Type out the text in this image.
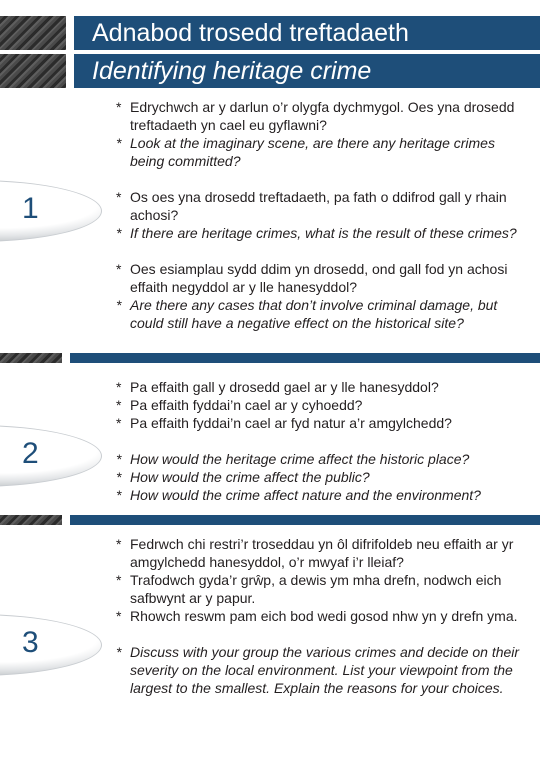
Adnabod trosedd treftadaeth
Identifying heritage crime
1
* Edrychwch ar y darlun o’r olygfa dychmygol. Oes yna drosedd treftadaeth yn cael eu gyflawni?
* Look at the imaginary scene, are there any heritage crimes being committed?
* Os oes yna drosedd treftadaeth, pa fath o ddifrod gall y rhain achosi?
* If there are heritage crimes, what is the result of these crimes?
* Oes esiamplau sydd ddim yn drosedd, ond gall fod yn achosi effaith negyddol ar y lle hanesyddol?
* Are there any cases that don’t involve criminal damage, but could still have a negative effect on the historical site?
2
* Pa effaith gall y drosedd gael ar y lle hanesyddol?
* Pa effaith fyddai’n cael ar y cyhoedd?
* Pa effaith fyddai’n cael ar fyd natur a’r amgylchedd?
* How would the heritage crime affect the historic place?
* How would the crime affect the public?
* How would the crime affect nature and the environment?
3
* Fedrwch chi restri’r troseddau yn ôl difrifoldeb neu effaith ar yr amgylchedd hanesyddol, o’r mwyaf i’r lleiaf?
* Trafodwch gyda’r grŵp, a dewis ym mha drefn, nodwch eich safbwynt ar y papur.
* Rhowch reswm pam eich bod wedi gosod nhw yn y drefn yma.
* Discuss with your group the various crimes and decide on their severity on the local environment. List your viewpoint from the largest to the smallest. Explain the reasons for your choices.
